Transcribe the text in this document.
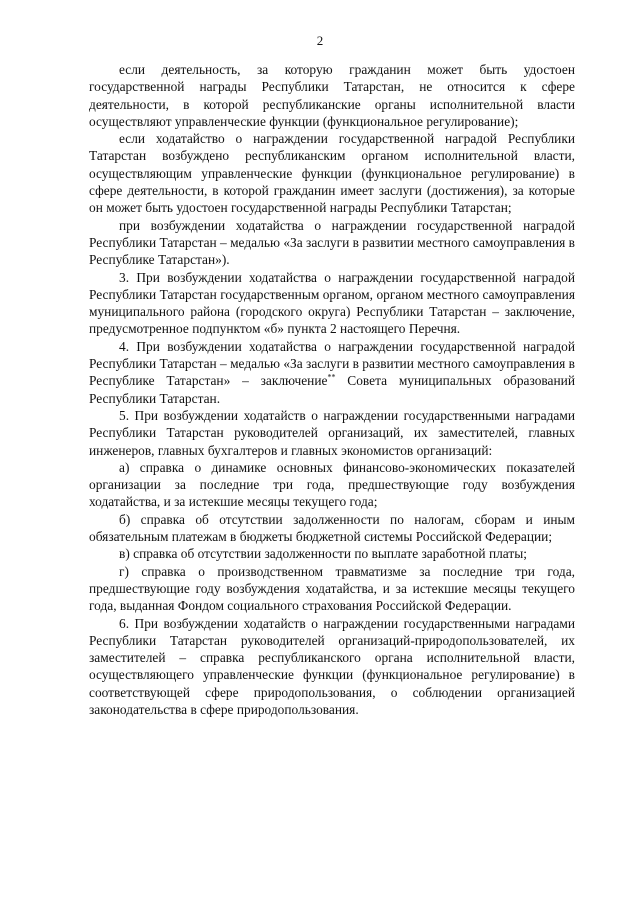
2

если деятельность, за которую гражданин может быть удостоен государственной награды Республики Татарстан, не относится к сфере деятельности, в которой республиканские органы исполнительной власти осуществляют управленческие функции (функциональное регулирование);

если ходатайство о награждении государственной наградой Республики Татарстан возбуждено республиканским органом исполнительной власти, осуществляющим управленческие функции (функциональное регулирование) в сфере деятельности, в которой гражданин имеет заслуги (достижения), за которые он может быть удостоен государственной награды Республики Татарстан;

при возбуждении ходатайства о награждении государственной наградой Республики Татарстан – медалью «За заслуги в развитии местного самоуправления в Республике Татарстан»).

3. При возбуждении ходатайства о награждении государственной наградой Республики Татарстан государственным органом, органом местного самоуправления муниципального района (городского округа) Республики Татарстан – заключение, предусмотренное подпунктом «б» пункта 2 настоящего Перечня.

4. При возбуждении ходатайства о награждении государственной наградой Республики Татарстан – медалью «За заслуги в развитии местного самоуправления в Республике Татарстан» – заключение** Совета муниципальных образований Республики Татарстан.

5. При возбуждении ходатайств о награждении государственными наградами Республики Татарстан руководителей организаций, их заместителей, главных инженеров, главных бухгалтеров и главных экономистов организаций:

а) справка о динамике основных финансово-экономических показателей организации за последние три года, предшествующие году возбуждения ходатайства, и за истекшие месяцы текущего года;

б) справка об отсутствии задолженности по налогам, сборам и иным обязательным платежам в бюджеты бюджетной системы Российской Федерации;

в) справка об отсутствии задолженности по выплате заработной платы;

г) справка о производственном травматизме за последние три года, предшествующие году возбуждения ходатайства, и за истекшие месяцы текущего года, выданная Фондом социального страхования Российской Федерации.

6. При возбуждении ходатайств о награждении государственными наградами Республики Татарстан руководителей организаций-природопользователей, их заместителей – справка республиканского органа исполнительной власти, осуществляющего управленческие функции (функциональное регулирование) в соответствующей сфере природопользования, о соблюдении организацией законодательства в сфере природопользования.
